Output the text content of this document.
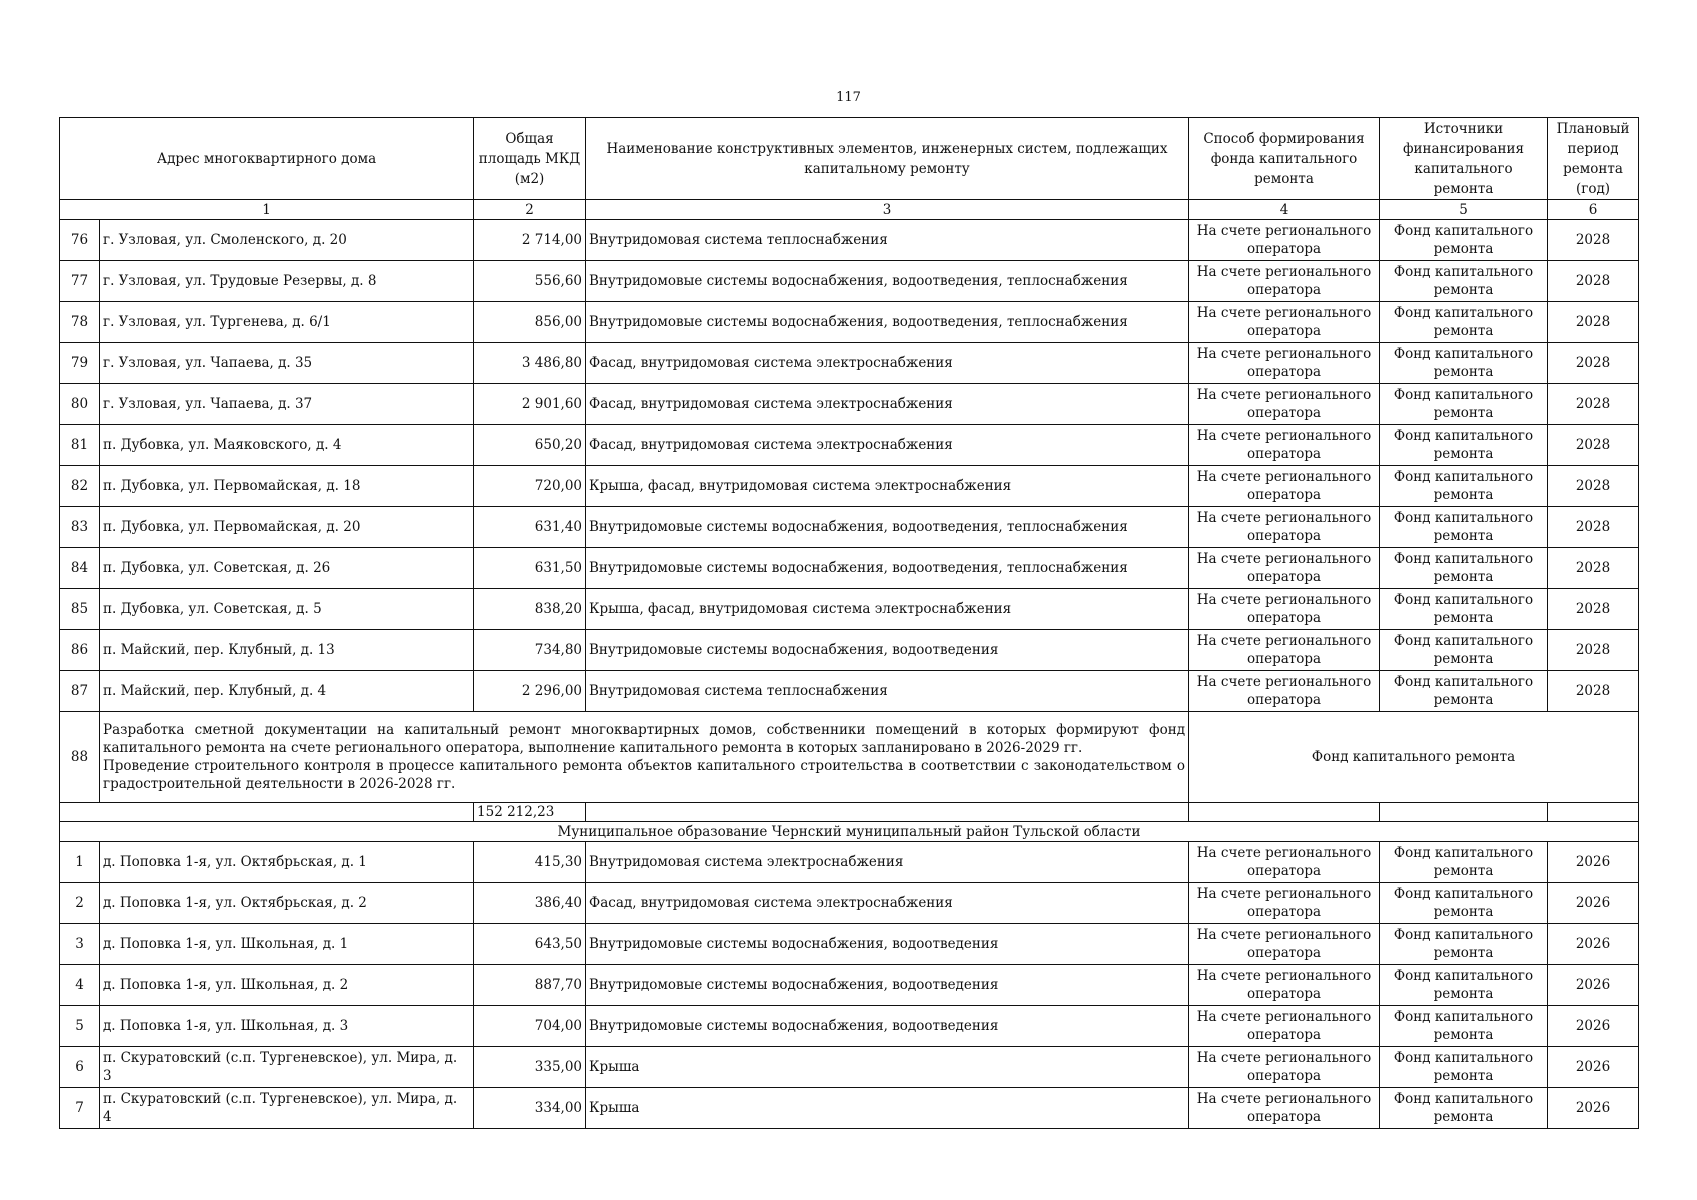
117
Адрес многоквартирного дома		Общая площадь МКД (м2)	Наименование конструктивных элементов, инженерных систем, подлежащих капитальному ремонту	Способ формирования фонда капитального ремонта	Источники финансирования капитального ремонта	Плановый период ремонта (год)
1		2	3	4	5	6
76	г. Узловая, ул. Смоленского, д. 20	2 714,00	Внутридомовая система теплоснабжения	На счете регионального оператора	Фонд капитального ремонта	2028
77	г. Узловая, ул. Трудовые Резервы, д. 8	556,60	Внутридомовые системы водоснабжения, водоотведения, теплоснабжения	На счете регионального оператора	Фонд капитального ремонта	2028
78	г. Узловая, ул. Тургенева, д. 6/1	856,00	Внутридомовые системы водоснабжения, водоотведения, теплоснабжения	На счете регионального оператора	Фонд капитального ремонта	2028
79	г. Узловая, ул. Чапаева, д. 35	3 486,80	Фасад, внутридомовая система электроснабжения	На счете регионального оператора	Фонд капитального ремонта	2028
80	г. Узловая, ул. Чапаева, д. 37	2 901,60	Фасад, внутридомовая система электроснабжения	На счете регионального оператора	Фонд капитального ремонта	2028
81	п. Дубовка, ул. Маяковского, д. 4	650,20	Фасад, внутридомовая система электроснабжения	На счете регионального оператора	Фонд капитального ремонта	2028
82	п. Дубовка, ул. Первомайская, д. 18	720,00	Крыша, фасад, внутридомовая система электроснабжения	На счете регионального оператора	Фонд капитального ремонта	2028
83	п. Дубовка, ул. Первомайская, д. 20	631,40	Внутридомовые системы водоснабжения, водоотведения, теплоснабжения	На счете регионального оператора	Фонд капитального ремонта	2028
84	п. Дубовка, ул. Советская, д. 26	631,50	Внутридомовые системы водоснабжения, водоотведения, теплоснабжения	На счете регионального оператора	Фонд капитального ремонта	2028
85	п. Дубовка, ул. Советская, д. 5	838,20	Крыша, фасад, внутридомовая система электроснабжения	На счете регионального оператора	Фонд капитального ремонта	2028
86	п. Майский, пер. Клубный, д. 13	734,80	Внутридомовые системы водоснабжения, водоотведения	На счете регионального оператора	Фонд капитального ремонта	2028
87	п. Майский, пер. Клубный, д. 4	2 296,00	Внутридомовая система теплоснабжения	На счете регионального оператора	Фонд капитального ремонта	2028
88	Разработка сметной документации на капитальный ремонт многоквартирных домов, собственники помещений в которых формируют фонд капитального ремонта на счете регионального оператора, выполнение капитального ремонта в которых запланировано в 2026-2029 гг.
Проведение строительного контроля в процессе капитального ремонта объектов капитального строительства в соответствии с законодательством о градостроительной деятельности в 2026-2028 гг.			Фонд капитального ремонта		
		152 212,23				
Муниципальное образование Чернский муниципальный район Тульской области						
1	д. Поповка 1-я, ул. Октябрьская, д. 1	415,30	Внутридомовая система электроснабжения	На счете регионального оператора	Фонд капитального ремонта	2026
2	д. Поповка 1-я, ул. Октябрьская, д. 2	386,40	Фасад, внутридомовая система электроснабжения	На счете регионального оператора	Фонд капитального ремонта	2026
3	д. Поповка 1-я, ул. Школьная, д. 1	643,50	Внутридомовые системы водоснабжения, водоотведения	На счете регионального оператора	Фонд капитального ремонта	2026
4	д. Поповка 1-я, ул. Школьная, д. 2	887,70	Внутридомовые системы водоснабжения, водоотведения	На счете регионального оператора	Фонд капитального ремонта	2026
5	д. Поповка 1-я, ул. Школьная, д. 3	704,00	Внутридомовые системы водоснабжения, водоотведения	На счете регионального оператора	Фонд капитального ремонта	2026
6	п. Скуратовский (с.п. Тургеневское), ул. Мира, д. 3	335,00	Крыша	На счете регионального оператора	Фонд капитального ремонта	2026
7	п. Скуратовский (с.п. Тургеневское), ул. Мира, д. 4	334,00	Крыша	На счете регионального оператора	Фонд капитального ремонта	2026
